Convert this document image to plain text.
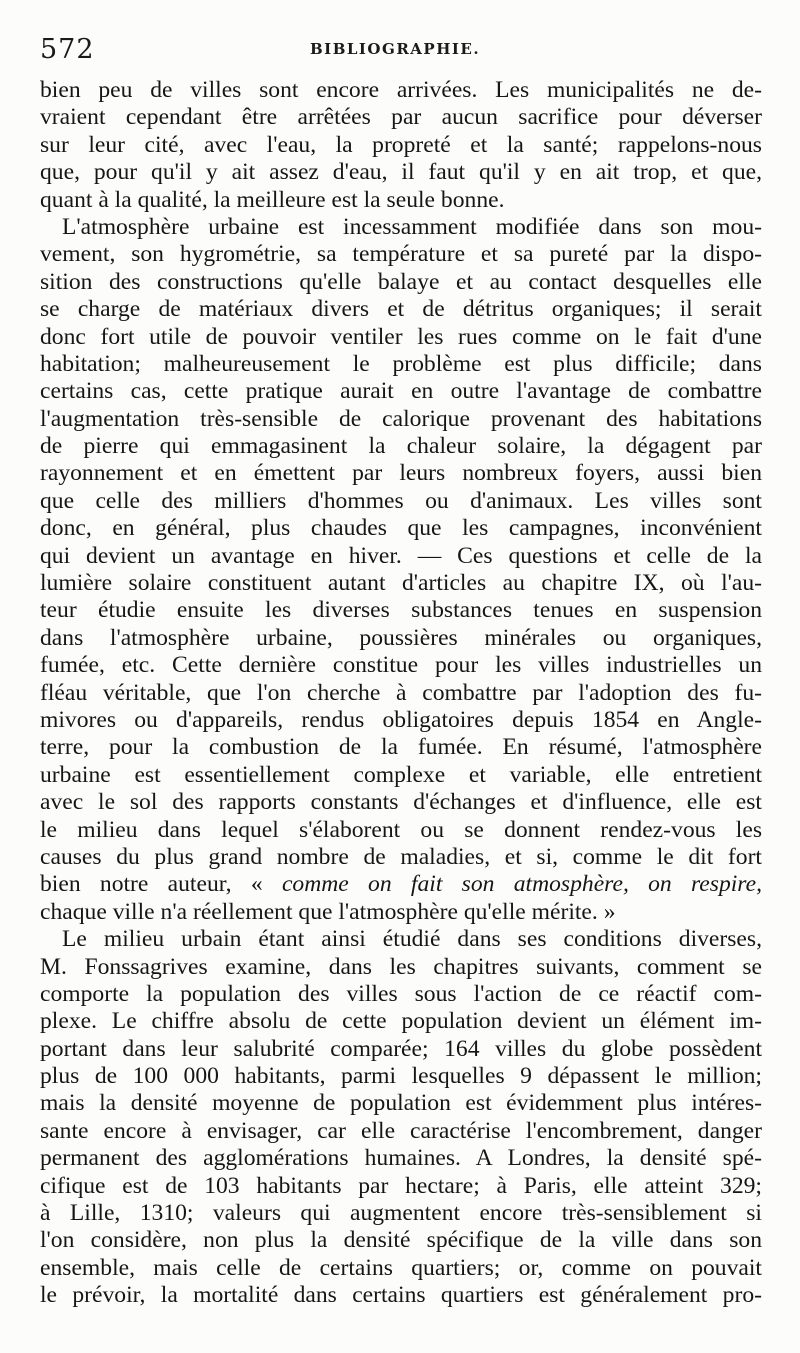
572	BIBLIOGRAPHIE.
bien peu de villes sont encore arrivées. Les municipalités ne de-
vraient cependant être arrêtées par aucun sacrifice pour déverser
sur leur cité, avec l'eau, la propreté et la santé; rappelons-nous
que, pour qu'il y ait assez d'eau, il faut qu'il y en ait trop, et que,
quant à la qualité, la meilleure est la seule bonne.
L'atmosphère urbaine est incessamment modifiée dans son mou-
vement, son hygrométrie, sa température et sa pureté par la dispo-
sition des constructions qu'elle balaye et au contact desquelles elle
se charge de matériaux divers et de détritus organiques; il serait
donc fort utile de pouvoir ventiler les rues comme on le fait d'une
habitation; malheureusement le problème est plus difficile; dans
certains cas, cette pratique aurait en outre l'avantage de combattre
l'augmentation très-sensible de calorique provenant des habitations
de pierre qui emmagasinent la chaleur solaire, la dégagent par
rayonnement et en émettent par leurs nombreux foyers, aussi bien
que celle des milliers d'hommes ou d'animaux. Les villes sont
donc, en général, plus chaudes que les campagnes, inconvénient
qui devient un avantage en hiver. — Ces questions et celle de la
lumière solaire constituent autant d'articles au chapitre IX, où l'au-
teur étudie ensuite les diverses substances tenues en suspension
dans l'atmosphère urbaine, poussières minérales ou organiques,
fumée, etc. Cette dernière constitue pour les villes industrielles un
fléau véritable, que l'on cherche à combattre par l'adoption des fu-
mivores ou d'appareils, rendus obligatoires depuis 1854 en Angle-
terre, pour la combustion de la fumée. En résumé, l'atmosphère
urbaine est essentiellement complexe et variable, elle entretient
avec le sol des rapports constants d'échanges et d'influence, elle est
le milieu dans lequel s'élaborent ou se donnent rendez-vous les
causes du plus grand nombre de maladies, et si, comme le dit fort
bien notre auteur, « comme on fait son atmosphère, on respire,
chaque ville n'a réellement que l'atmosphère qu'elle mérite. »
Le milieu urbain étant ainsi étudié dans ses conditions diverses,
M. Fonssagrives examine, dans les chapitres suivants, comment se
comporte la population des villes sous l'action de ce réactif com-
plexe. Le chiffre absolu de cette population devient un élément im-
portant dans leur salubrité comparée; 164 villes du globe possèdent
plus de 100 000 habitants, parmi lesquelles 9 dépassent le million;
mais la densité moyenne de population est évidemment plus intéres-
sante encore à envisager, car elle caractérise l'encombrement, danger
permanent des agglomérations humaines. A Londres, la densité spé-
cifique est de 103 habitants par hectare; à Paris, elle atteint 329;
à Lille, 1310; valeurs qui augmentent encore très-sensiblement si
l'on considère, non plus la densité spécifique de la ville dans son
ensemble, mais celle de certains quartiers; or, comme on pouvait
le prévoir, la mortalité dans certains quartiers est généralement pro-
